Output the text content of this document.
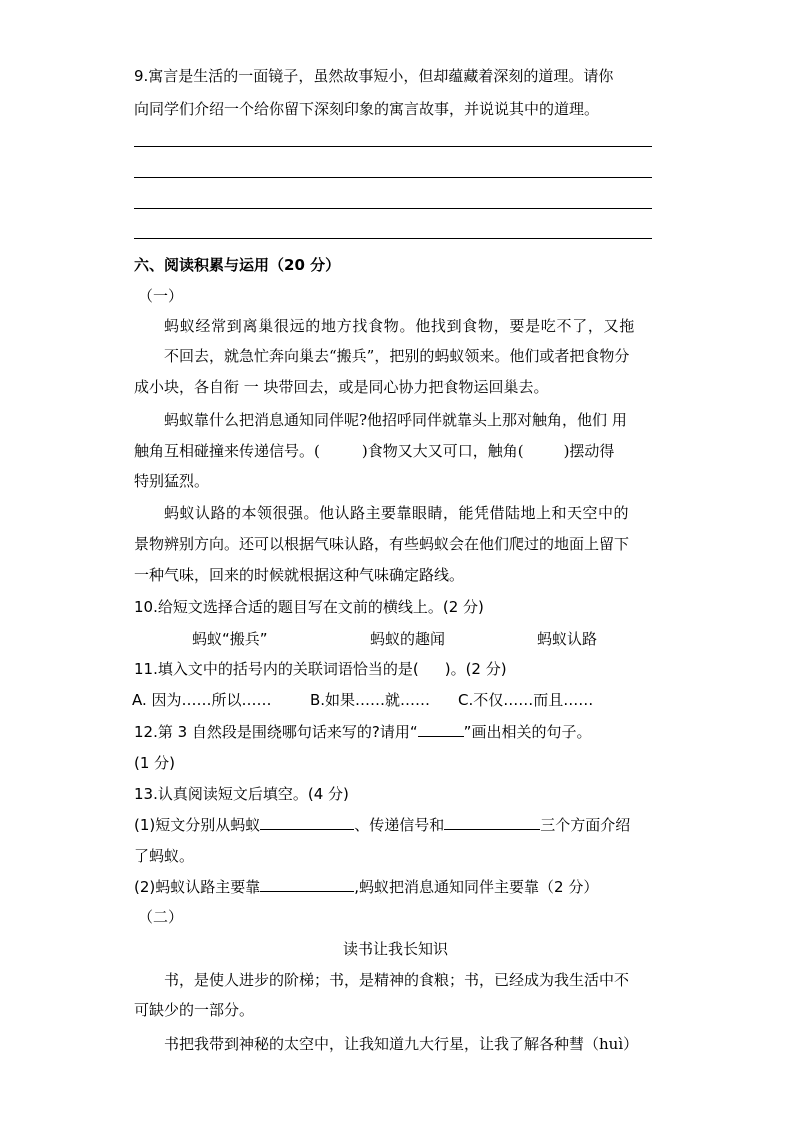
9.寓言是生活的一面镜子，虽然故事短小，但却蕴藏着深刻的道理。请你
向同学们介绍一个给你留下深刻印象的寓言故事，并说说其中的道理。
六、阅读积累与运用（20 分）
（一）
蚂蚁经常到离巢很远的地方找食物。他找到食物，要是吃不了，又拖
不回去，就急忙奔向巢去“搬兵”，把别的蚂蚁领来。他们或者把食物分
成小块，各自衔 一 块带回去，或是同心协力把食物运回巢去。
蚂蚁靠什么把消息通知同伴呢?他招呼同伴就靠头上那对触角，他们 用
触角互相碰撞来传递信号。(	)食物又大又可口，触角(	)摆动得
特别猛烈。
蚂蚁认路的本领很强。他认路主要靠眼睛，能凭借陆地上和天空中的
景物辨别方向。还可以根据气味认路，有些蚂蚁会在他们爬过的地面上留下
一种气味，回来的时候就根据这种气味确定路线。
10.给短文选择合适的题目写在文前的横线上。(2 分)
蚂蚁“搬兵”	蚂蚁的趣闻	蚂蚁认路
11.填入文中的括号内的关联词语恰当的是( )。(2 分)
A. 因为……所以……	B.如果……就…… C.不仅……而且……
12.第 3 自然段是围绕哪句话来写的?请用“	”画出相关的句子。
(1 分)
13.认真阅读短文后填空。(4 分)
(1)短文分别从蚂蚁	、传递信号和	三个方面介绍
了蚂蚁。
(2)蚂蚁认路主要靠	,蚂蚁把消息通知同伴主要靠（2 分）
（二）
读书让我长知识
书，是使人进步的阶梯；书，是精神的食粮；书，已经成为我生活中不
可缺少的一部分。
书把我带到神秘的太空中，让我知道九大行星，让我了解各种彗（huì）
